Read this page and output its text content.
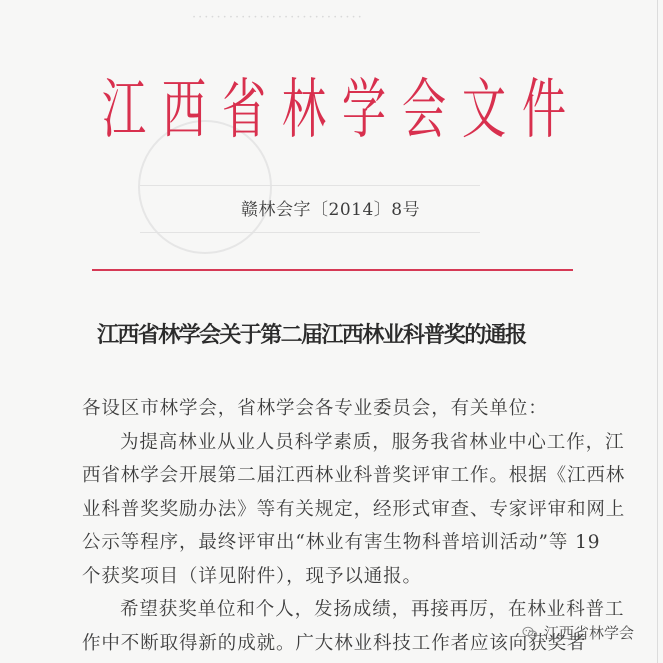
····························
江 西 省 林 学 会 文 件
赣林会字〔2014〕8号
江西省林学会关于第二届江西林业科普奖的通报
各设区市林学会，省林学会各专业委员会，有关单位：
为提高林业从业人员科学素质，服务我省林业中心工作，江
西省林学会开展第二届江西林业科普奖评审工作。根据《江西林
业科普奖奖励办法》等有关规定，经形式审查、专家评审和网上
公示等程序，最终评审出“林业有害生物科普培训活动”等 19
个获奖项目（详见附件），现予以通报。
希望获奖单位和个人，发扬成绩，再接再厉，在林业科普工
作中不断取得新的成就。广大林业科技工作者应该向获奖者
江西省林学会
